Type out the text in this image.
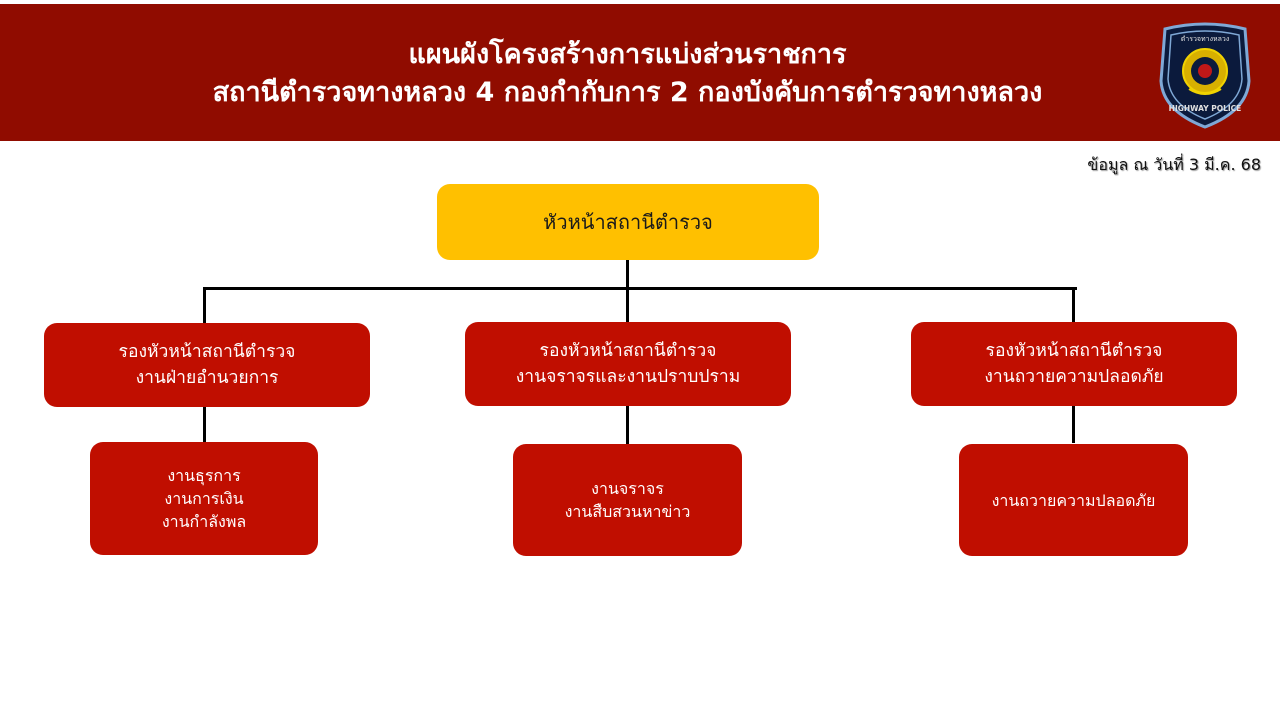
แผนผังโครงสร้างการแบ่งส่วนราชการ
สถานีตำรวจทางหลวง 4 กองกำกับการ 2 กองบังคับการตำรวจทางหลวง
ตำรวจทางหลวง
HIGHWAY POLICE
ข้อมูล ณ วันที่ 3 มี.ค. 68
หัวหน้าสถานีตำรวจ
รองหัวหน้าสถานีตำรวจ
งานฝ่ายอำนวยการ
รองหัวหน้าสถานีตำรวจ
งานจราจรและงานปราบปราม
รองหัวหน้าสถานีตำรวจ
งานถวายความปลอดภัย
งานธุรการ
งานการเงิน
งานกำลังพล
งานจราจร
งานสืบสวนหาข่าว
งานถวายความปลอดภัย
